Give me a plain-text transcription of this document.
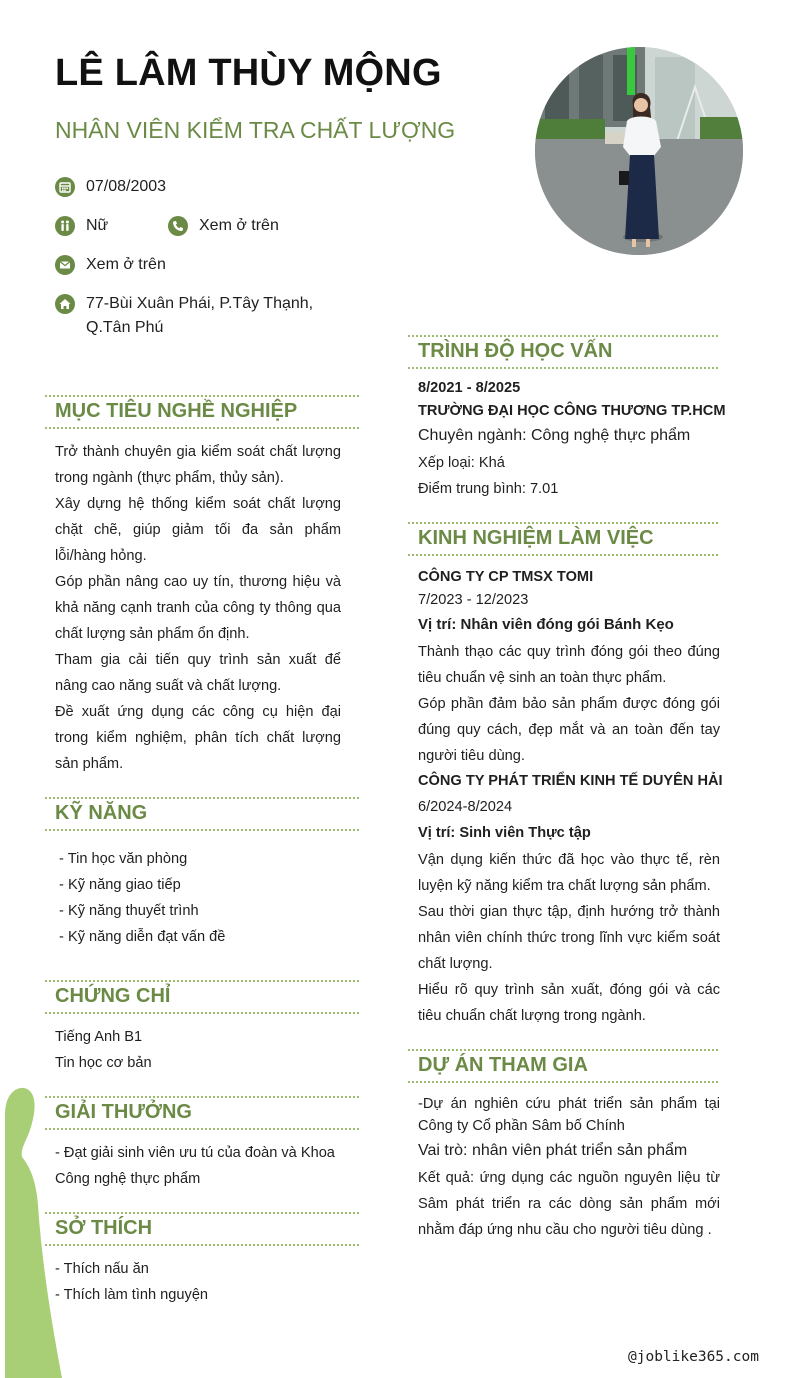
LÊ LÂM THÙY MỘNG
NHÂN VIÊN KIỂM TRA CHẤT LƯỢNG
07/08/2003
Nữ	Xem ở trên
Xem ở trên
77-Bùi Xuân Phái, P.Tây Thạnh,
Q.Tân Phú
MỤC TIÊU NGHỀ NGHIỆP

Trở thành chuyên gia kiểm soát chất lượng trong ngành (thực phẩm, thủy sản).

Xây dựng hệ thống kiểm soát chất lượng chặt chẽ, giúp giảm tối đa sản phẩm lỗi/hàng hỏng.

Góp phần nâng cao uy tín, thương hiệu và khả năng cạnh tranh của công ty thông qua chất lượng sản phẩm ổn định.

Tham gia cải tiến quy trình sản xuất để nâng cao năng suất và chất lượng.

Đề xuất ứng dụng các công cụ hiện đại trong kiểm nghiệm, phân tích chất lượng sản phẩm.

KỸ NĂNG
- Tin học văn phòng
- Kỹ năng giao tiếp
- Kỹ năng thuyết trình
- Kỹ năng diễn đạt vấn đề
CHỨNG CHỈ
Tiếng Anh B1
Tin học cơ bản
GIẢI THƯỞNG
- Đạt giải sinh viên ưu tú của đoàn và Khoa Công nghệ thực phẩm
SỞ THÍCH
- Thích nấu ăn
- Thích làm tình nguyện
TRÌNH ĐỘ HỌC VẤN
8/2021 - 8/2025
TRƯỜNG ĐẠI HỌC CÔNG THƯƠNG TP.HCM
Chuyên ngành: Công nghệ thực phẩm
Xếp loại: Khá
Điểm trung bình: 7.01
KINH NGHIỆM LÀM VIỆC
CÔNG TY CP TMSX TOMI
7/2023 - 12/2023
Vị trí: Nhân viên đóng gói Bánh Kẹo

Thành thạo các quy trình đóng gói theo đúng tiêu chuẩn vệ sinh an toàn thực phẩm.

Góp phần đảm bảo sản phẩm được đóng gói đúng quy cách, đẹp mắt và an toàn đến tay người tiêu dùng.

CÔNG TY PHÁT TRIỂN KINH TẾ DUYÊN HẢI
6/2024-8/2024
Vị trí: Sinh viên Thực tập

Vận dụng kiến thức đã học vào thực tế, rèn luyện kỹ năng kiểm tra chất lượng sản phẩm.

Sau thời gian thực tập, định hướng trở thành nhân viên chính thức trong lĩnh vực kiểm soát chất lượng.

Hiểu rõ quy trình sản xuất, đóng gói và các tiêu chuẩn chất lượng trong ngành.

DỰ ÁN THAM GIA
-Dự án nghiên cứu phát triển sản phẩm tại Công ty Cổ phần Sâm bố Chính
Vai trò: nhân viên phát triển sản phẩm
Kết quả: ứng dụng các nguồn nguyên liệu từ Sâm phát triển ra các dòng sản phẩm mới nhằm đáp ứng nhu cầu cho người tiêu dùng .
@joblike365.com
